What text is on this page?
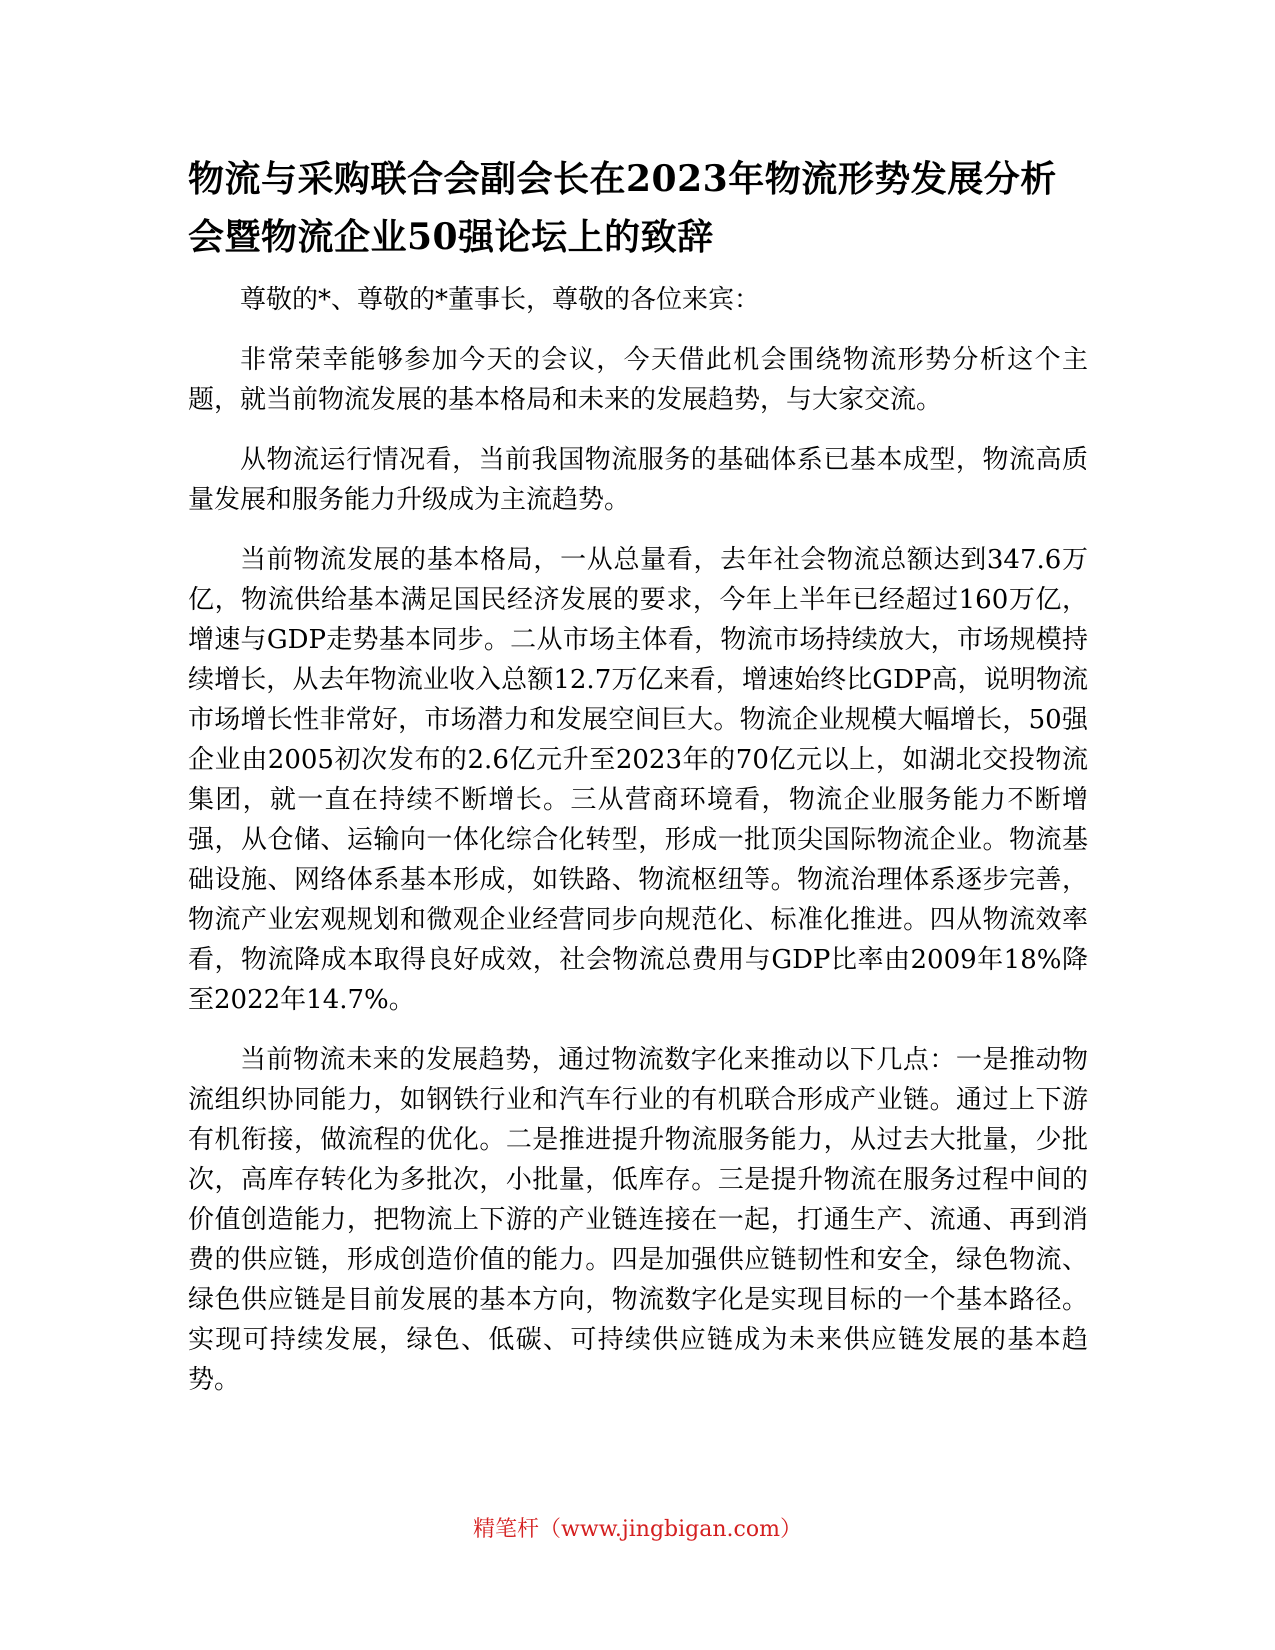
物流与采购联合会副会长在2023年物流形势发展分析会暨物流企业50强论坛上的致辞

尊敬的*、尊敬的*董事长，尊敬的各位来宾：

非常荣幸能够参加今天的会议，今天借此机会围绕物流形势分析这个主题，就当前物流发展的基本格局和未来的发展趋势，与大家交流。

从物流运行情况看，当前我国物流服务的基础体系已基本成型，物流高质量发展和服务能力升级成为主流趋势。

当前物流发展的基本格局，一从总量看，去年社会物流总额达到347.6万亿，物流供给基本满足国民经济发展的要求，今年上半年已经超过160万亿，增速与GDP走势基本同步。二从市场主体看，物流市场持续放大，市场规模持续增长，从去年物流业收入总额12.7万亿来看，增速始终比GDP高，说明物流市场增长性非常好，市场潜力和发展空间巨大。物流企业规模大幅增长，50强企业由2005初次发布的2.6亿元升至2023年的70亿元以上，如湖北交投物流集团，就一直在持续不断增长。三从营商环境看，物流企业服务能力不断增强，从仓储、运输向一体化综合化转型，形成一批顶尖国际物流企业。物流基础设施、网络体系基本形成，如铁路、物流枢纽等。物流治理体系逐步完善，物流产业宏观规划和微观企业经营同步向规范化、标准化推进。四从物流效率看，物流降成本取得良好成效，社会物流总费用与GDP比率由2009年18%降至2022年14.7%。

当前物流未来的发展趋势，通过物流数字化来推动以下几点：一是推动物流组织协同能力，如钢铁行业和汽车行业的有机联合形成产业链。通过上下游有机衔接，做流程的优化。二是推进提升物流服务能力，从过去大批量，少批次，高库存转化为多批次，小批量，低库存。三是提升物流在服务过程中间的价值创造能力，把物流上下游的产业链连接在一起，打通生产、流通、再到消费的供应链，形成创造价值的能力。四是加强供应链韧性和安全，绿色物流、绿色供应链是目前发展的基本方向，物流数字化是实现目标的一个基本路径。实现可持续发展，绿色、低碳、可持续供应链成为未来供应链发展的基本趋势。

精笔杆（www.jingbigan.com）
